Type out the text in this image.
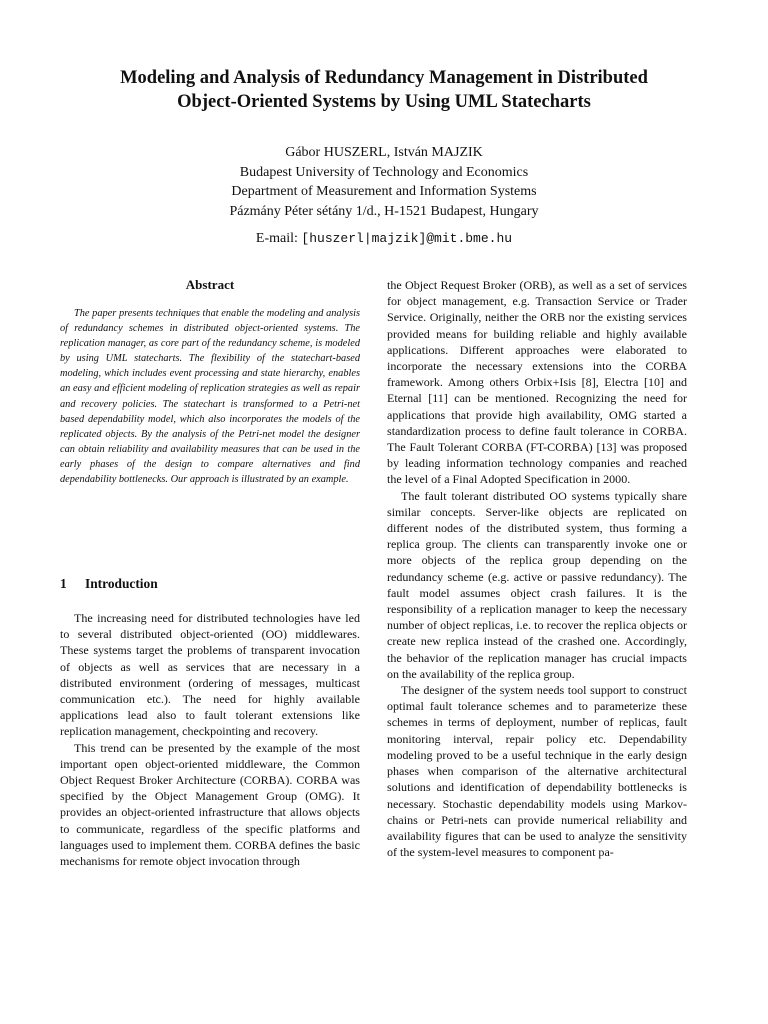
Modeling and Analysis of Redundancy Management in Distributed
Object-Oriented Systems by Using UML Statecharts
Gábor HUSZERL, István MAJZIK
Budapest University of Technology and Economics
Department of Measurement and Information Systems
Pázmány Péter sétány 1/d., H-1521 Budapest, Hungary
E-mail: [huszerl|majzik]@mit.bme.hu
Abstract

The paper presents techniques that enable the modeling and analysis of redundancy schemes in distributed object-oriented systems. The replication manager, as core part of the redundancy scheme, is modeled by using UML statecharts. The flexibility of the statechart-based modeling, which includes event processing and state hierarchy, enables an easy and efficient modeling of replication strategies as well as repair and recovery policies. The statechart is transformed to a Petri-net based dependability model, which also incorporates the models of the replicated objects. By the analysis of the Petri-net model the designer can obtain reliability and availability measures that can be used in the early phases of the design to compare alternatives and find dependability bottlenecks. Our approach is illustrated by an example.

1 Introduction

The increasing need for distributed technologies have led to several distributed object-oriented (OO) middlewares. These systems target the problems of transparent invocation of objects as well as services that are necessary in a distributed environment (ordering of messages, multicast communication etc.). The need for highly available applications lead also to fault tolerant extensions like replication management, checkpointing and recovery.

This trend can be presented by the example of the most important open object-oriented middleware, the Common Object Request Broker Architecture (CORBA). CORBA was specified by the Object Management Group (OMG). It provides an object-oriented infrastructure that allows objects to communicate, regardless of the specific platforms and languages used to implement them. CORBA defines the basic mechanisms for remote object invocation through

the Object Request Broker (ORB), as well as a set of services for object management, e.g. Transaction Service or Trader Service. Originally, neither the ORB nor the existing services provided means for building reliable and highly available applications. Different approaches were elaborated to incorporate the necessary extensions into the CORBA framework. Among others Orbix+Isis [8], Electra [10] and Eternal [11] can be mentioned. Recognizing the need for applications that provide high availability, OMG started a standardization process to define fault tolerance in CORBA. The Fault Tolerant CORBA (FT-CORBA) [13] was proposed by leading information technology companies and reached the level of a Final Adopted Specification in 2000.

The fault tolerant distributed OO systems typically share similar concepts. Server-like objects are replicated on different nodes of the distributed system, thus forming a replica group. The clients can transparently invoke one or more objects of the replica group depending on the redundancy scheme (e.g. active or passive redundancy). The fault model assumes object crash failures. It is the responsibility of a replication manager to keep the necessary number of object replicas, i.e. to recover the replica objects or create new replica instead of the crashed one. Accordingly, the behavior of the replication manager has crucial impacts on the availability of the replica group.

The designer of the system needs tool support to construct optimal fault tolerance schemes and to parameterize these schemes in terms of deployment, number of replicas, fault monitoring interval, repair policy etc. Dependability modeling proved to be a useful technique in the early design phases when comparison of the alternative architectural solutions and identification of dependability bottlenecks is necessary. Stochastic dependability models using Markov-chains or Petri-nets can provide numerical reliability and availability figures that can be used to analyze the sensitivity of the system-level measures to component pa-
